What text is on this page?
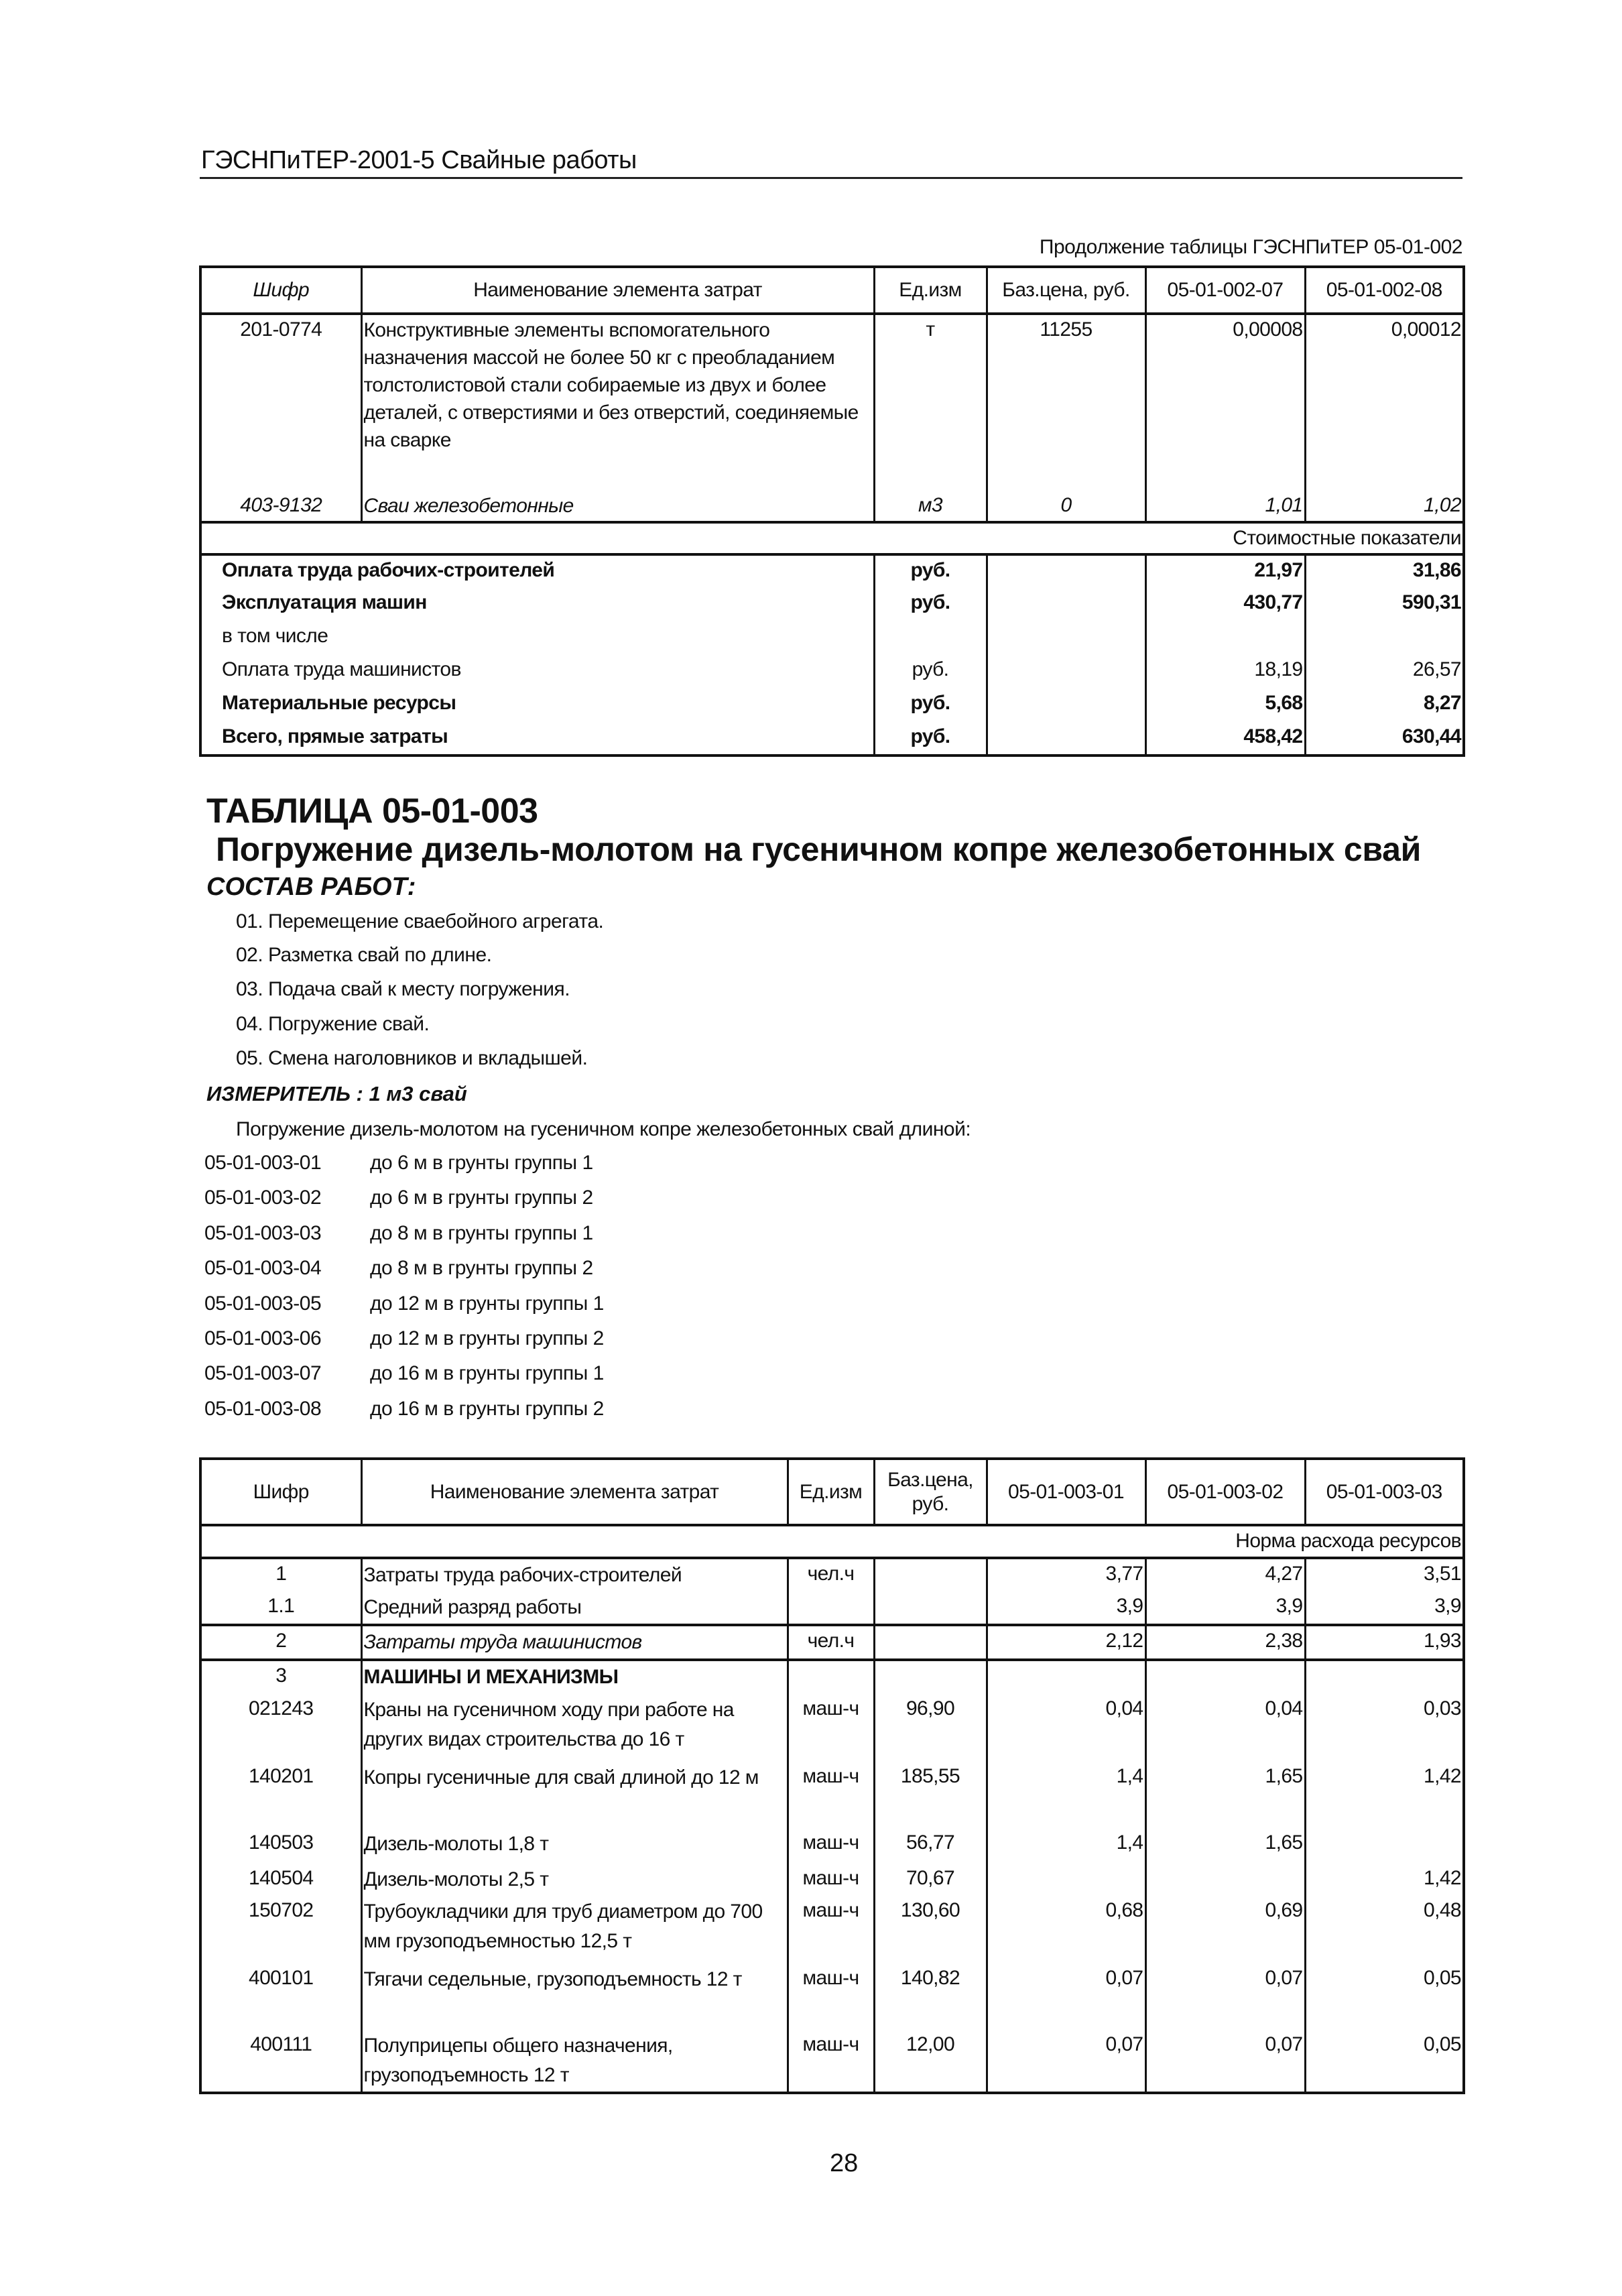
ГЭСНПиТЕР-2001-5 Свайные работы
Продолжение таблицы ГЭСНПиТЕР 05-01-002
Шифр	Наименование элемента затрат	Ед.изм	Баз.цена, руб.	05-01-002-07	05-01-002-08
201-0774	Конструктивные элементы вспомогательного назначения массой не более 50 кг с преобладанием толстолистовой стали собираемые из двух и более деталей, с отверстиями и без отверстий, соединяемые на сварке	т	11255	0,00008	0,00012
403-9132	Сваи железобетонные	м3	0	1,01	1,02
Стоимостные показатели					
Оплата труда рабочих-строителей		руб.		21,97	31,86
Эксплуатация машин		руб.		430,77	590,31
в том числе					
Оплата труда машинистов		руб.		18,19	26,57
Материальные ресурсы		руб.		5,68	8,27
Всего, прямые затраты		руб.		458,42	630,44
ТАБЛИЦА 05-01-003
Погружение дизель-молотом на гусеничном копре железобетонных свай
СОСТАВ РАБОТ:
01. Перемещение сваебойного агрегата.
02. Разметка свай по длине.
03. Подача свай к месту погружения.
04. Погружение свай.
05. Смена наголовников и вкладышей.
ИЗМЕРИТЕЛЬ : 1 м3 свай
Погружение дизель-молотом на гусеничном копре железобетонных свай длиной:
05-01-003-01 до 6 м в грунты группы 1
05-01-003-02 до 6 м в грунты группы 2
05-01-003-03 до 8 м в грунты группы 1
05-01-003-04 до 8 м в грунты группы 2
05-01-003-05 до 12 м в грунты группы 1
05-01-003-06 до 12 м в грунты группы 2
05-01-003-07 до 16 м в грунты группы 1
05-01-003-08 до 16 м в грунты группы 2
Шифр	Наименование элемента затрат	Ед.изм	Баз.цена, руб.	05-01-003-01	05-01-003-02	05-01-003-03
Норма расхода ресурсов						
1	Затраты труда рабочих-строителей	чел.ч		3,77	4,27	3,51
1.1	Средний разряд работы			3,9	3,9	3,9
2	Затраты труда машинистов	чел.ч		2,12	2,38	1,93
3	МАШИНЫ И МЕХАНИЗМЫ					
021243	Краны на гусеничном ходу при работе на других видах строительства до 16 т	маш-ч	96,90	0,04	0,04	0,03
140201	Копры гусеничные для свай длиной до 12 м	маш-ч	185,55	1,4	1,65	1,42
140503	Дизель-молоты 1,8 т	маш-ч	56,77	1,4	1,65	
140504	Дизель-молоты 2,5 т	маш-ч	70,67			1,42
150702	Трубоукладчики для труб диаметром до 700 мм грузоподъемностью 12,5 т	маш-ч	130,60	0,68	0,69	0,48
400101	Тягачи седельные, грузоподъемность 12 т	маш-ч	140,82	0,07	0,07	0,05
400111	Полуприцепы общего назначения, грузоподъемность 12 т	маш-ч	12,00	0,07	0,07	0,05
28
